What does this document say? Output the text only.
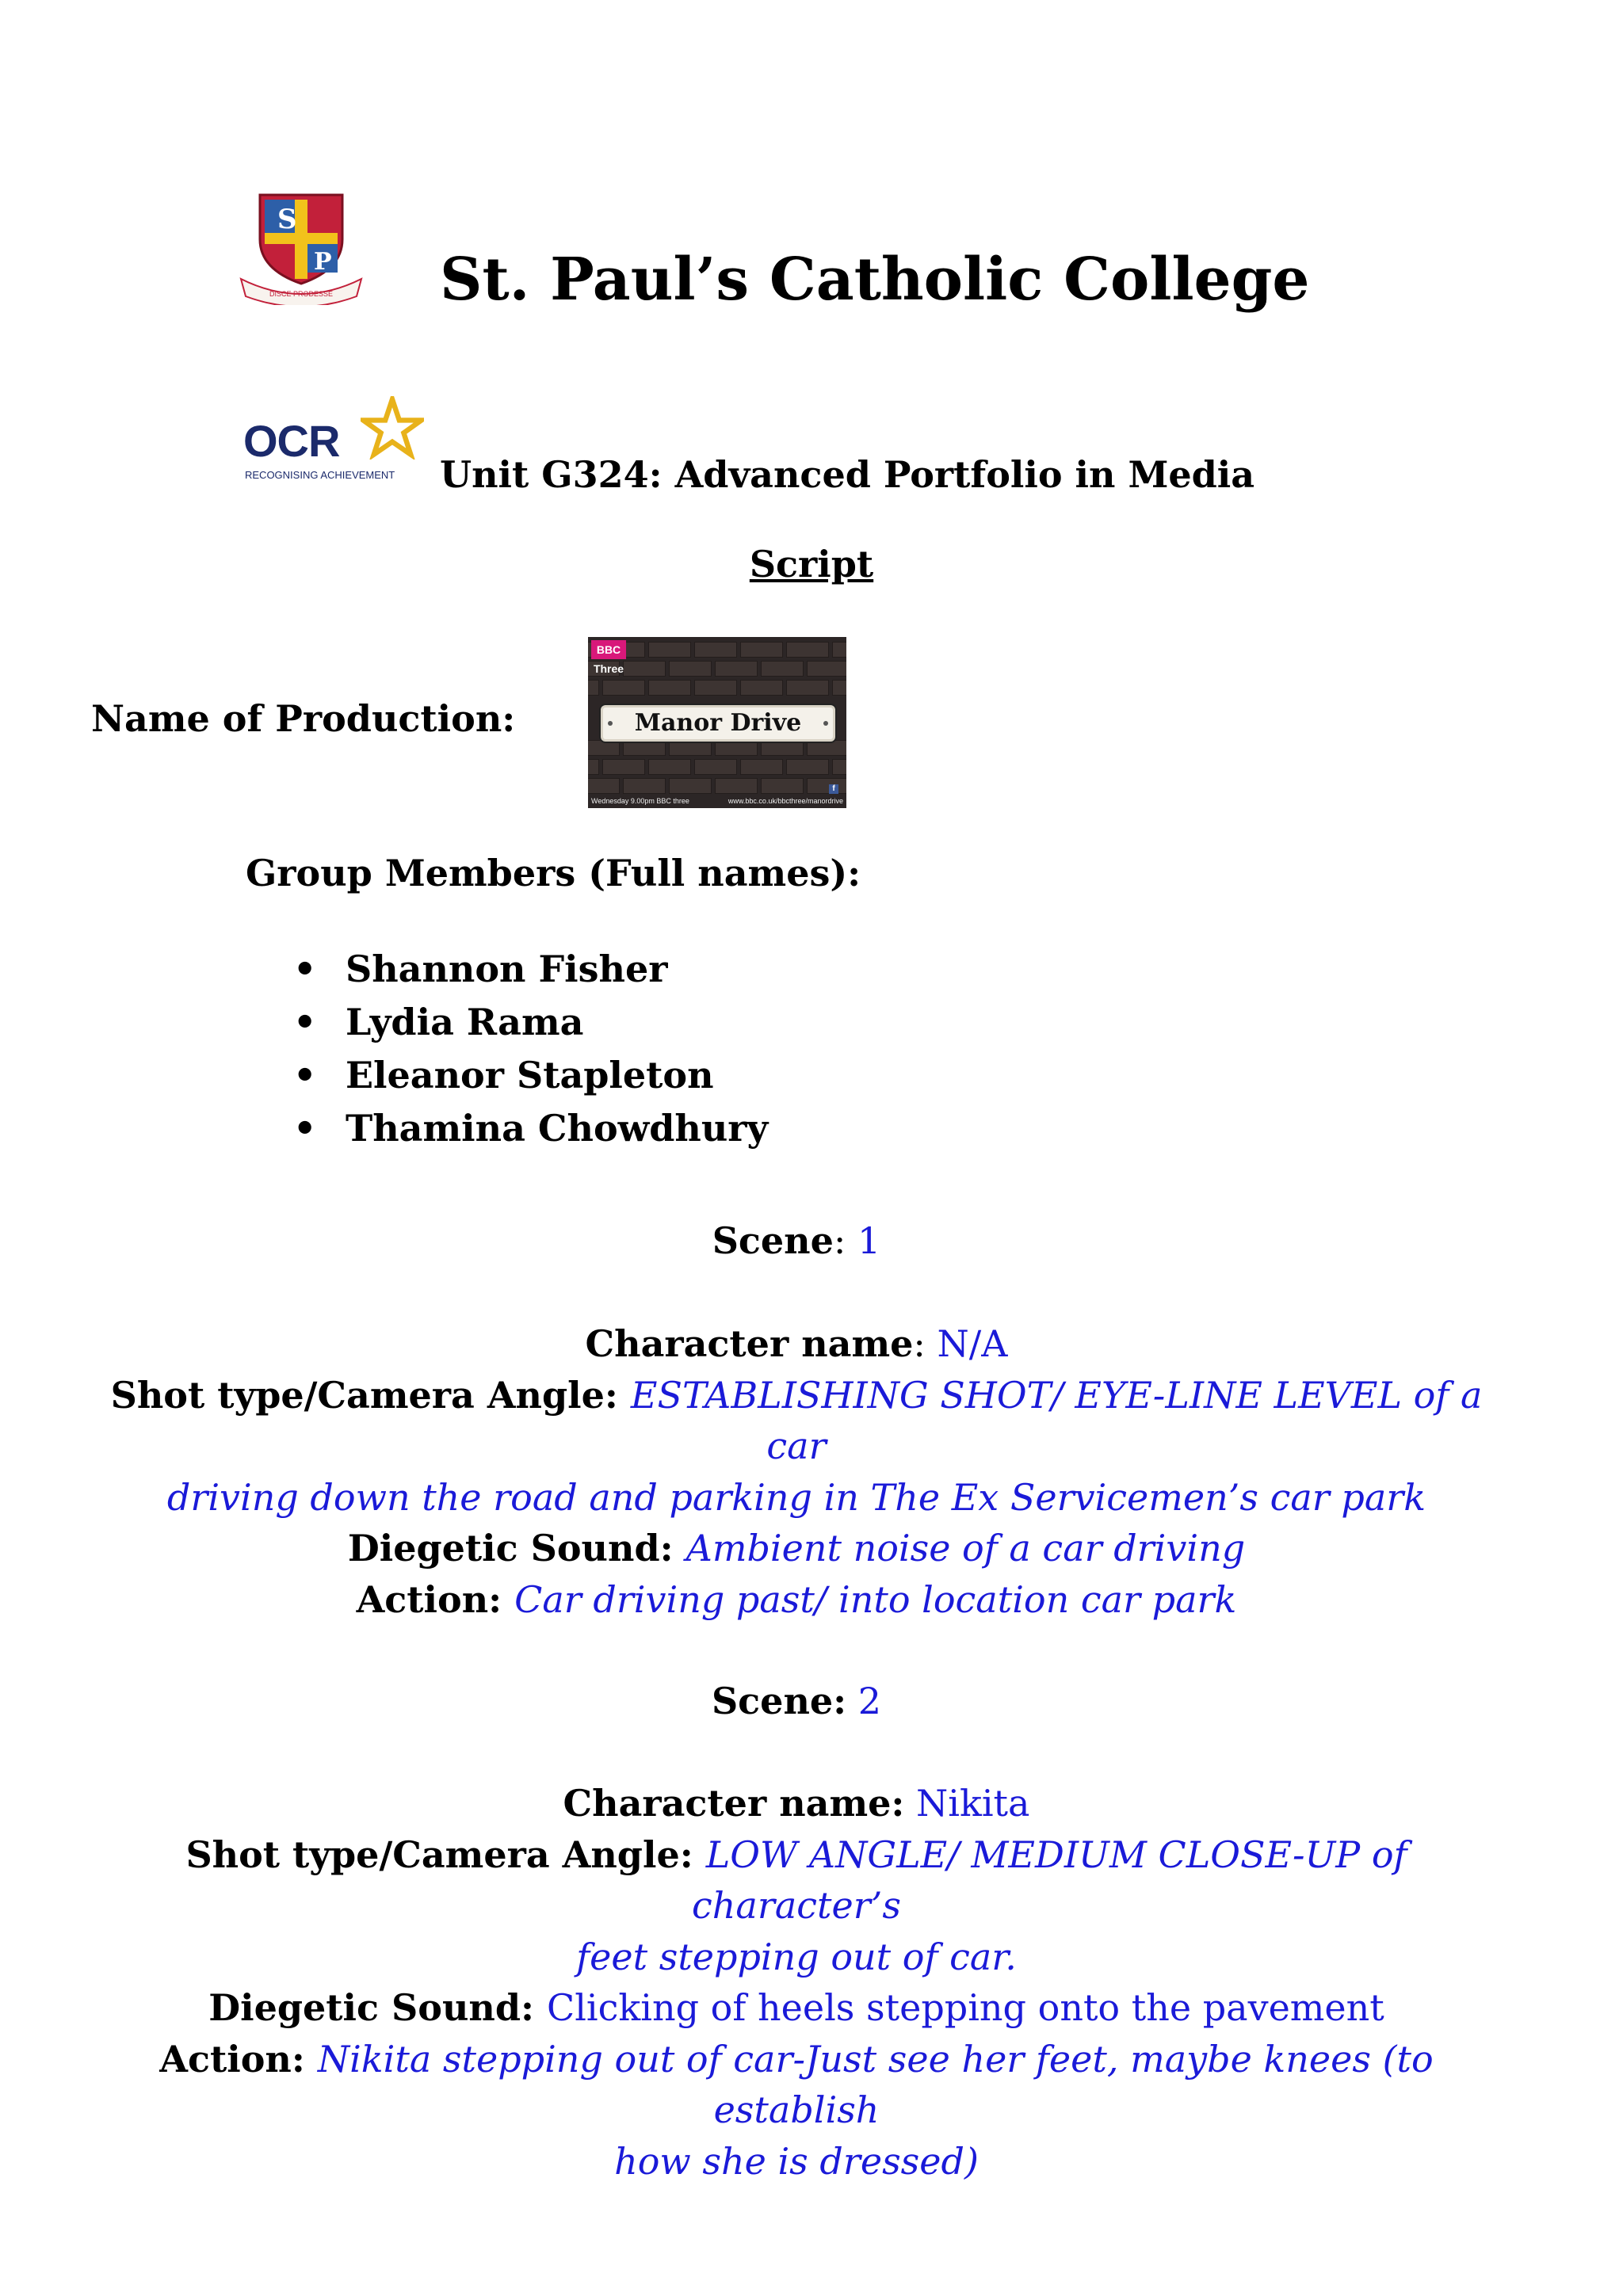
S
P
DISCE PRODESSE St. Paul’s Catholic College
OCR
RECOGNISING ACHIEVEMENT Unit G324: Advanced Portfolio in Media
Script
Name of Production:
BBC Three
Manor Drive
f
Wednesday 9.00pm BBC three	www.bbc.co.uk/bbcthree/manordrive
Group Members (Full names):
• Shannon Fisher
• Lydia Rama
• Eleanor Stapleton
• Thamina Chowdhury
Scene: 1
Character name: N/A
Shot type/Camera Angle: ESTABLISHING SHOT/ EYE-LINE LEVEL of a car
driving down the road and parking in The Ex Servicemen’s car park
Diegetic Sound: Ambient noise of a car driving
Action: Car driving past/ into location car park
Scene: 2
Character name: Nikita
Shot type/Camera Angle: LOW ANGLE/ MEDIUM CLOSE-UP of character’s
feet stepping out of car.
Diegetic Sound: Clicking of heels stepping onto the pavement
Action: Nikita stepping out of car-Just see her feet, maybe knees (to establish
how she is dressed)
